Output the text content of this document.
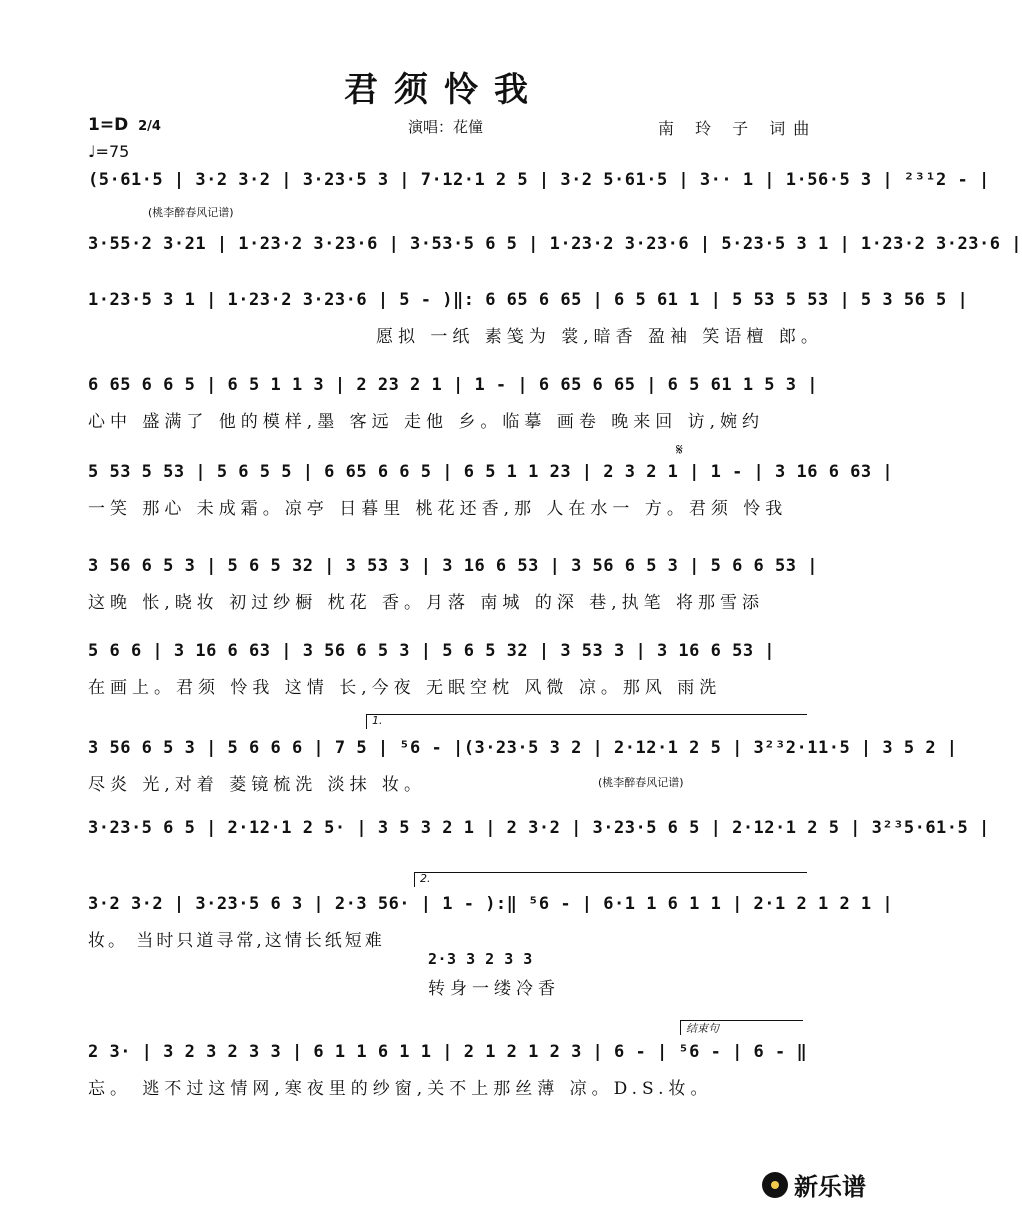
君须怜我
1=D 2/4
♩=75
演唱：花僮	南 玲 子 词曲
(5·61·5 | 3·2 3·2 | 3·23·5 3 | 7·12·1 2 5 | 3·2 5·61·5 | 3·· 1 | 1·56·5 3 | ²³¹2 - |
(桃李醉春风记谱)
3·55·2 3·21 | 1·23·2 3·23·6 | 3·53·5 6 5 | 1·23·2 3·23·6 | 5·23·5 3 1 | 1·23·2 3·23·6 |
1·23·5 3 1 | 1·23·2 3·23·6 | 5 - )‖: 6 65 6 65 | 6 5 61 1 | 5 53 5 53 | 5 3 56 5 |
愿拟 一纸 素笺为 裳,暗香 盈袖 笑语檀 郎。
6 65 6 6 5 | 6 5 1 1 3 | 2 23 2 1 | 1 - | 6 65 6 65 | 6 5 61 1 5 3 |
心中 盛满了 他的模样,墨 客远 走他 乡。临摹 画卷 晚来回 访,婉约
𝄋
5 53 5 53 | 5 6 5 5 | 6 65 6 6 5 | 6 5 1 1 23 | 2 3 2 1 | 1 - | 3 16 6 63 |
一笑 那心 未成霜。凉亭 日暮里 桃花还香,那 人在水一 方。君须 怜我
3 56 6 5 3 | 5 6 5 32 | 3 53 3 | 3 16 6 53 | 3 56 6 5 3 | 5 6 6 53 |
这晚 怅,晓妆 初过纱橱 枕花 香。月落 南城 的深 巷,执笔 将那雪添
5 6 6 | 3 16 6 63 | 3 56 6 5 3 | 5 6 5 32 | 3 53 3 | 3 16 6 53 |
在画上。君须 怜我 这情 长,今夜 无眠空枕 风微 凉。那风 雨洗
1.
3 56 6 5 3 | 5 6 6 6 | 7 5 | ⁵6 - |(3·23·5 3 2 | 2·12·1 2 5 | 3²³2·11·5 | 3 5 2 |
尽炎 光,对着 菱镜梳洗 淡抹 妆。	(桃李醉春风记谱)
3·23·5 6 5 | 2·12·1 2 5· | 3 5 3 2 1 | 2 3·2 | 3·23·5 6 5 | 2·12·1 2 5 | 3²³5·61·5 |
2.
3·2 3·2 | 3·23·5 6 3 | 2·3 56· | 1 - ):‖ ⁵6 - | 6·1 1 6 1 1 | 2·1 2 1 2 1 |
妆。 当时只道寻常,这情长纸短难
2·3 3 2 3 3
转身一缕冷香
结束句
2 3· | 3 2 3 2 3 3 | 6 1 1 6 1 1 | 2 1 2 1 2 3 | 6 - | ⁵6 - | 6 - ‖
忘。 逃不过这情网,寒夜里的纱窗,关不上那丝薄 凉。D.S.妆。
新乐谱
